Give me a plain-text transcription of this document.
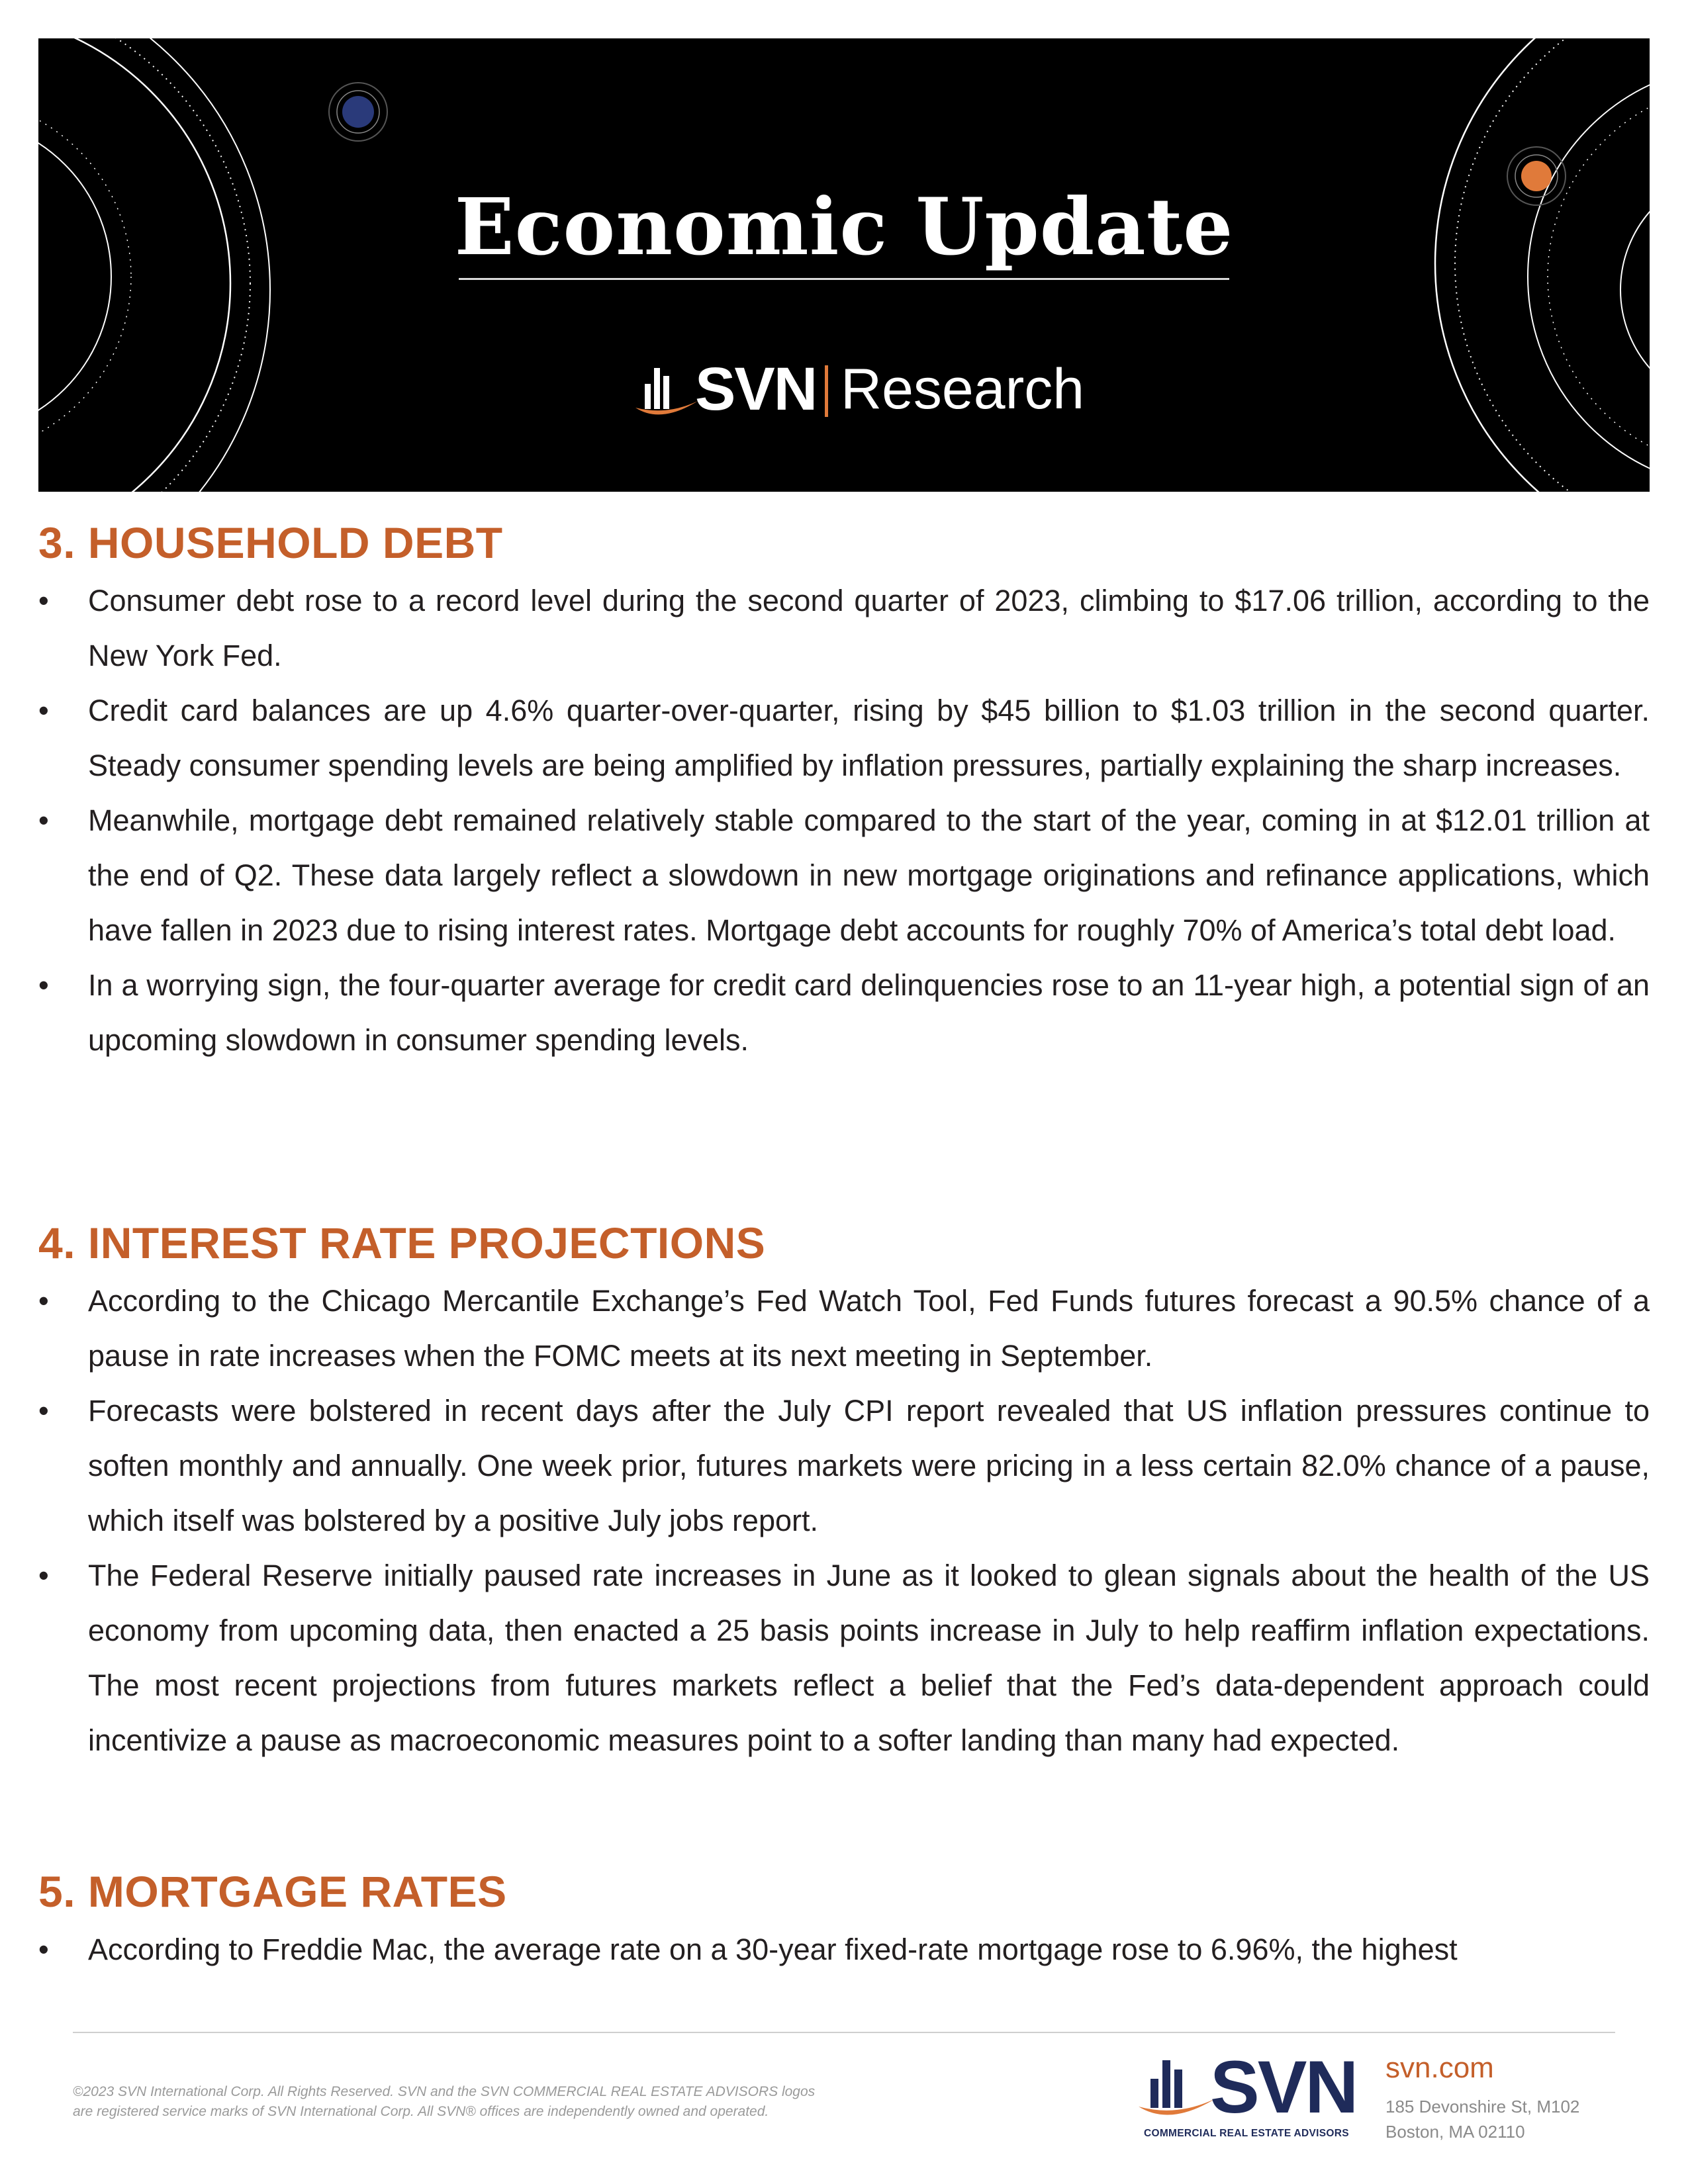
Economic Update
SVN Research
3. HOUSEHOLD DEBT
• Consumer debt rose to a record level during the second quarter of 2023, climbing to $17.06 trillion, according to the New York Fed.
• Credit card balances are up 4.6% quarter-over-quarter, rising by $45 billion to $1.03 trillion in the second quarter. Steady consumer spending levels are being amplified by inflation pressures, partially explaining the sharp increases.
• Meanwhile, mortgage debt remained relatively stable compared to the start of the year, coming in at $12.01 trillion at the end of Q2. These data largely reflect a slowdown in new mortgage originations and refinance applications, which have fallen in 2023 due to rising interest rates. Mortgage debt accounts for roughly 70% of America’s total debt load.
• In a worrying sign, the four-quarter average for credit card delinquencies rose to an 11-year high, a potential sign of an upcoming slowdown in consumer spending levels.
4. INTEREST RATE PROJECTIONS
• According to the Chicago Mercantile Exchange’s Fed Watch Tool, Fed Funds futures forecast a 90.5% chance of a pause in rate increases when the FOMC meets at its next meeting in September.
• Forecasts were bolstered in recent days after the July CPI report revealed that US inflation pressures continue to soften monthly and annually. One week prior, futures markets were pricing in a less certain 82.0% chance of a pause, which itself was bolstered by a positive July jobs report.
• The Federal Reserve initially paused rate increases in June as it looked to glean signals about the health of the US economy from upcoming data, then enacted a 25 basis points increase in July to help reaffirm inflation expectations. The most recent projections from futures markets reflect a belief that the Fed’s data-dependent approach could incentivize a pause as macroeconomic measures point to a softer landing than many had expected.
5. MORTGAGE RATES
• According to Freddie Mac, the average rate on a 30-year fixed-rate mortgage rose to 6.96%, the highest
©2023 SVN International Corp. All Rights Reserved. SVN and the SVN COMMERCIAL REAL ESTATE ADVISORS logos
are registered service marks of SVN International Corp. All SVN® offices are independently owned and operated.	SVN
COMMERCIAL REAL ESTATE ADVISORS
svn.com
185 Devonshire St, M102
Boston, MA 02110
